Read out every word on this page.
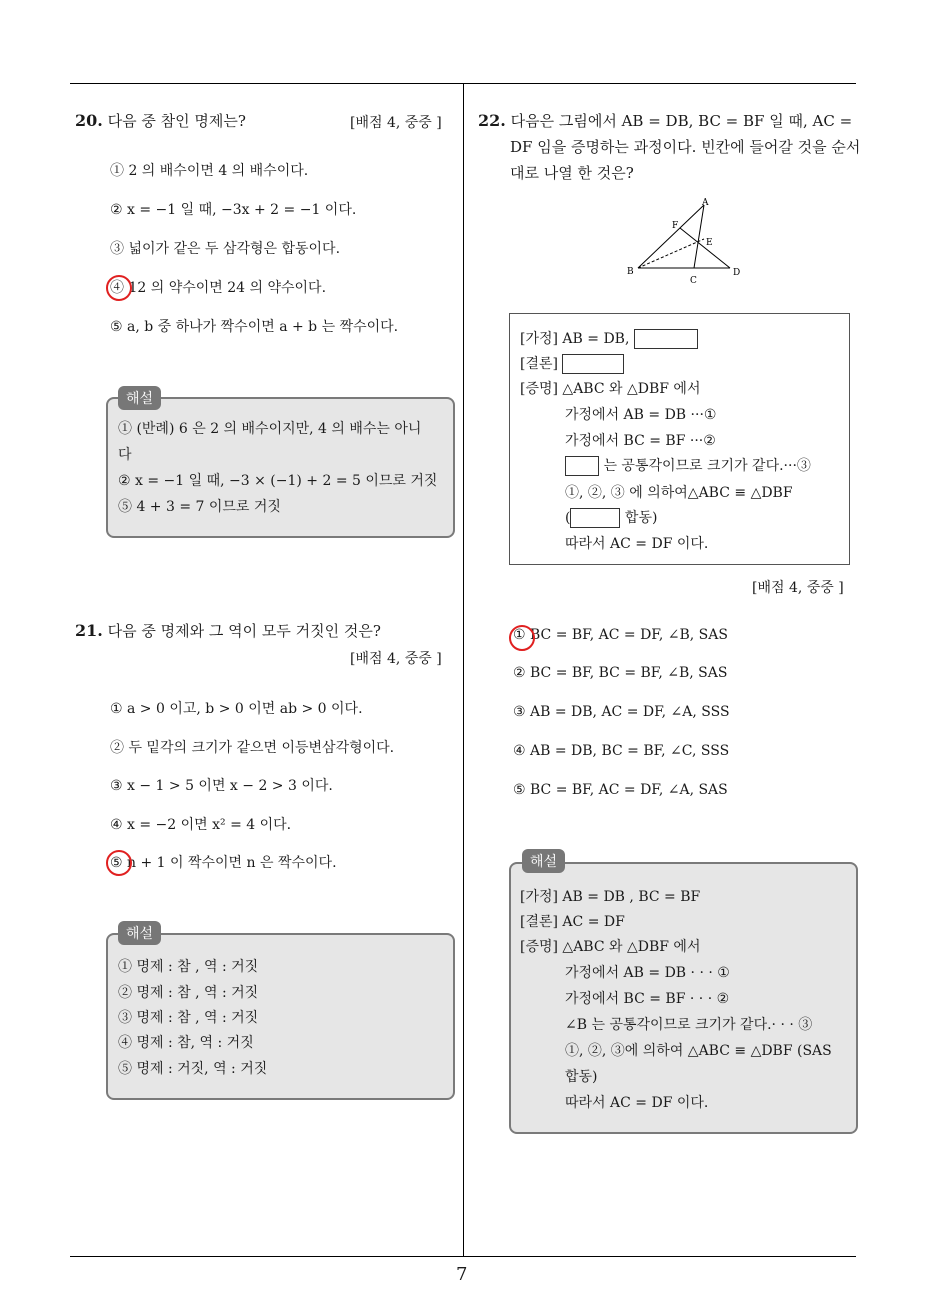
7
20. 다음 중 참인 명제는?	[배점 4, 중중 ]
① 2 의 배수이면 4 의 배수이다.
② x = −1 일 때, −3x + 2 = −1 이다.
③ 넓이가 같은 두 삼각형은 합동이다.
④ 12 의 약수이면 24 의 약수이다.
⑤ a, b 중 하나가 짝수이면 a + b 는 짝수이다.
해설
① (반례) 6 은 2 의 배수이지만, 4 의 배수는 아니
다
② x = −1 일 때, −3 × (−1) + 2 = 5 이므로 거짓
⑤ 4 + 3 = 7 이므로 거짓
21. 다음 중 명제와 그 역이 모두 거짓인 것은?
[배점 4, 중중 ]
① a > 0 이고, b > 0 이면 ab > 0 이다.
② 두 밑각의 크기가 같으면 이등변삼각형이다.
③ x − 1 > 5 이면 x − 2 > 3 이다.
④ x = −2 이면 x² = 4 이다.
⑤ n + 1 이 짝수이면 n 은 짝수이다.
해설
① 명제 : 참 , 역 : 거짓
② 명제 : 참 , 역 : 거짓
③ 명제 : 참 , 역 : 거짓
④ 명제 : 참, 역 : 거짓
⑤ 명제 : 거짓, 역 : 거짓
22. 다음은 그림에서 AB = DB, BC = BF 일 때, AC =
DF 임을 증명하는 과정이다. 빈칸에 들어갈 것을 순서
대로 나열 한 것은?
A
B
C
D
E
F
[가정] AB = DB,
[결론]
[증명] △ABC 와 △DBF 에서
가정에서 AB = DB ···①
가정에서 BC = BF ···②
는 공통각이므로 크기가 같다.···③
①, ②, ③ 에 의하여△ABC ≡ △DBF
(	합동)
따라서 AC = DF 이다.
[배점 4, 중중 ]
① BC = BF, AC = DF, ∠B, SAS
② BC = BF, BC = BF, ∠B, SAS
③ AB = DB, AC = DF, ∠A, SSS
④ AB = DB, BC = BF, ∠C, SSS
⑤ BC = BF, AC = DF, ∠A, SAS
해설
[가정] AB = DB , BC = BF
[결론] AC = DF
[증명] △ABC 와 △DBF 에서
가정에서 AB = DB · · · ①
가정에서 BC = BF · · · ②
∠B 는 공통각이므로 크기가 같다.· · · ③
①, ②, ③에 의하여 △ABC ≡ △DBF (SAS
합동)
따라서 AC = DF 이다.
